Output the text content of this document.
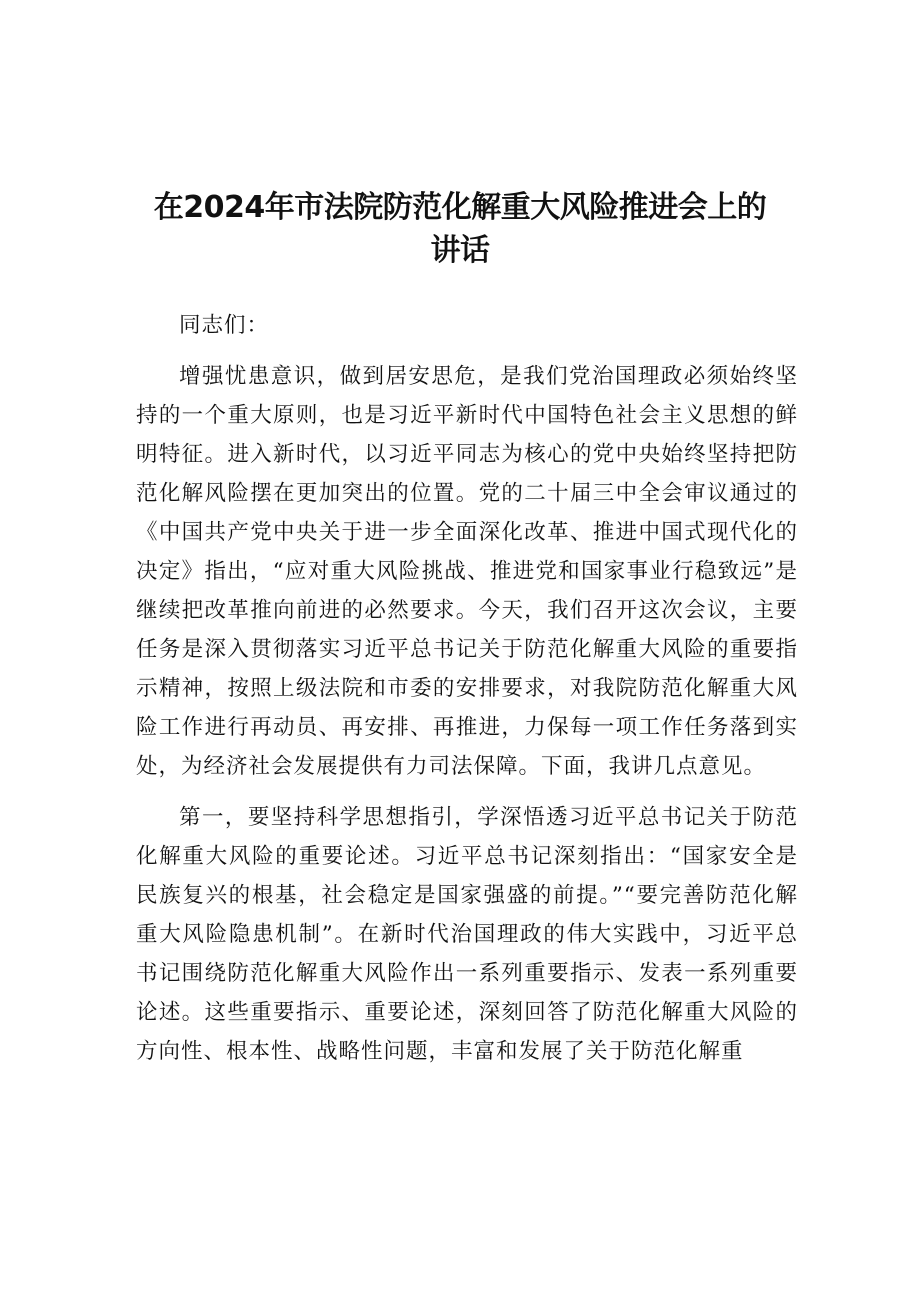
在2024年市法院防范化解重大风险推进会上的
讲话

同志们：

增强忧患意识，做到居安思危，是我们党治国理政必须始终坚持的一个重大原则，也是习近平新时代中国特色社会主义思想的鲜明特征。进入新时代，以习近平同志为核心的党中央始终坚持把防范化解风险摆在更加突出的位置。党的二十届三中全会审议通过的《中国共产党中央关于进一步全面深化改革、推进中国式现代化的决定》指出，“应对重大风险挑战、推进党和国家事业行稳致远”是继续把改革推向前进的必然要求。今天，我们召开这次会议，主要任务是深入贯彻落实习近平总书记关于防范化解重大风险的重要指示精神，按照上级法院和市委的安排要求，对我院防范化解重大风险工作进行再动员、再安排、再推进，力保每一项工作任务落到实处，为经济社会发展提供有力司法保障。下面，我讲几点意见。

第一，要坚持科学思想指引，学深悟透习近平总书记关于防范化解重大风险的重要论述。习近平总书记深刻指出：“国家安全是民族复兴的根基，社会稳定是国家强盛的前提。”“要完善防范化解重大风险隐患机制”。在新时代治国理政的伟大实践中，习近平总书记围绕防范化解重大风险作出一系列重要指示、发表一系列重要论述。这些重要指示、重要论述，深刻回答了防范化解重大风险的方向性、根本性、战略性问题，丰富和发展了关于防范化解重
